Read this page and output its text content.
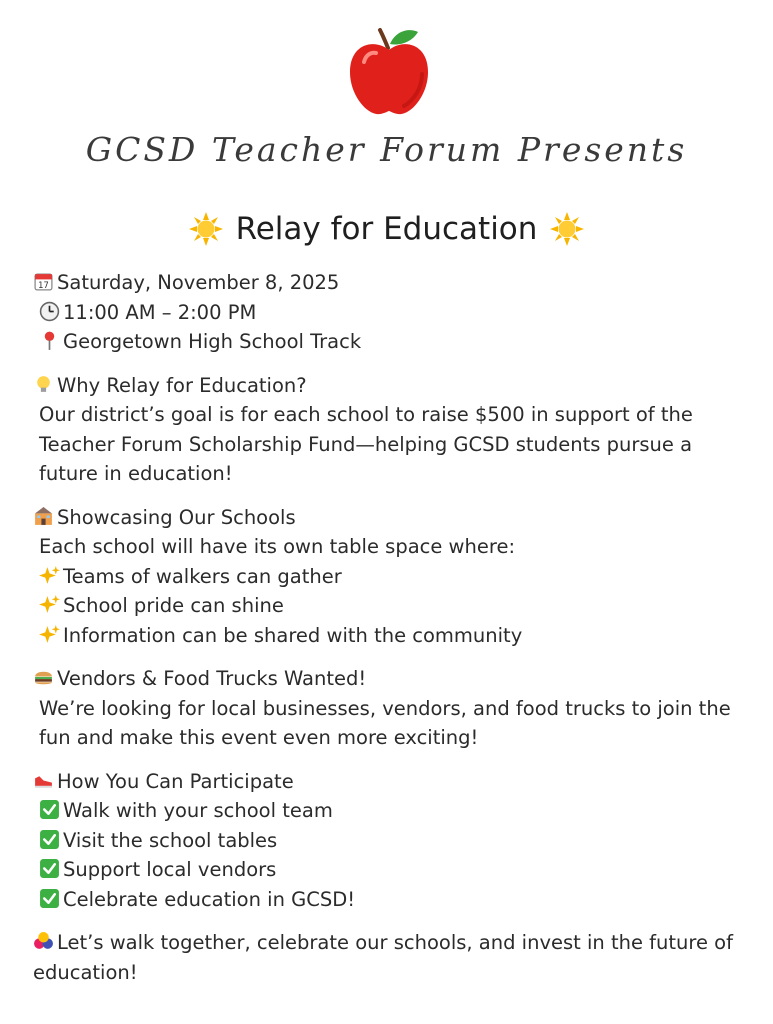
GCSD Teacher Forum Presents
Relay for Education
17 Saturday, November 8, 2025
11:00 AM – 2:00 PM
Georgetown High School Track
Why Relay for Education?
Our district’s goal is for each school to raise $500 in support of the Teacher Forum Scholarship Fund—helping GCSD students pursue a future in education!
Showcasing Our Schools
Each school will have its own table space where:
Teams of walkers can gather
School pride can shine
Information can be shared with the community
Vendors & Food Trucks Wanted!
We’re looking for local businesses, vendors, and food trucks to join the fun and make this event even more exciting!
How You Can Participate
Walk with your school team
Visit the school tables
Support local vendors
Celebrate education in GCSD!
Let’s walk together, celebrate our schools, and invest in the future of education!
